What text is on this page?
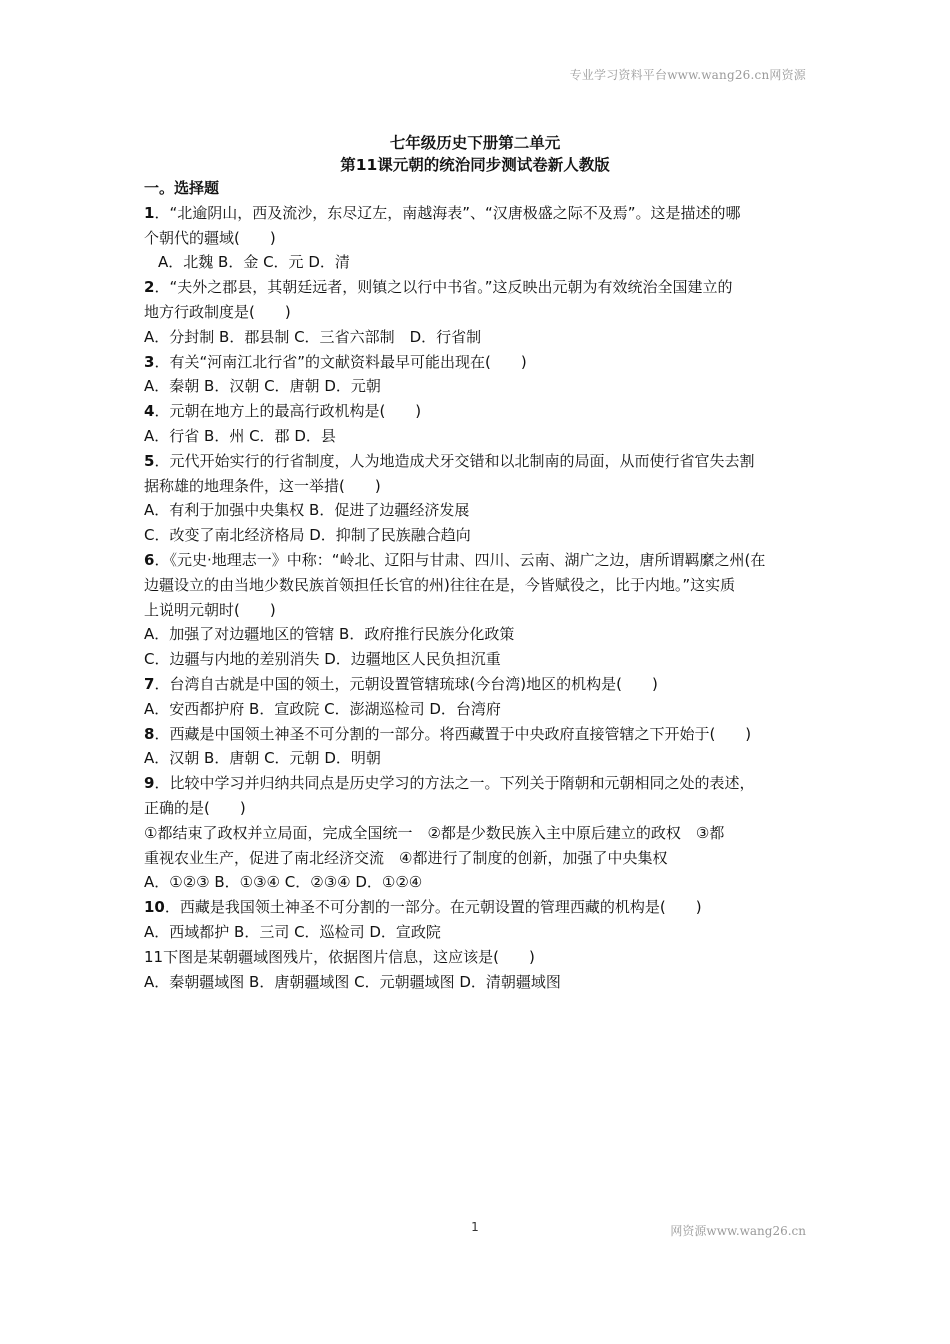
专业学习资料平台www.wang26.cn网资源
七年级历史下册第二单元
第11课元朝的统治同步测试卷新人教版

一。选择题

1．“北逾阴山，西及流沙，东尽辽左，南越海表”、“汉唐极盛之际不及焉”。这是描述的哪

个朝代的疆域(　　)

A．北魏 B．金 C．元 D．清

2．“夫外之郡县，其朝廷远者，则镇之以行中书省。”这反映出元朝为有效统治全国建立的

地方行政制度是(　　)

A．分封制 B．郡县制 C．三省六部制　D．行省制

3．有关“河南江北行省”的文献资料最早可能出现在(　　)

A．秦朝 B．汉朝 C．唐朝 D．元朝

4．元朝在地方上的最高行政机构是(　　)

A．行省 B．州 C．郡 D．县

5．元代开始实行的行省制度，人为地造成犬牙交错和以北制南的局面，从而使行省官失去割

据称雄的地理条件，这一举措(　　)

A．有利于加强中央集权 B．促进了边疆经济发展

C．改变了南北经济格局 D．抑制了民族融合趋向

6．《元史·地理志一》中称：“岭北、辽阳与甘肃、四川、云南、湖广之边，唐所谓羁縻之州(在

边疆设立的由当地少数民族首领担任长官的州)往往在是，今皆赋役之，比于内地。”这实质

上说明元朝时(　　)

A．加强了对边疆地区的管辖 B．政府推行民族分化政策

C．边疆与内地的差别消失 D．边疆地区人民负担沉重

7．台湾自古就是中国的领土，元朝设置管辖琉球(今台湾)地区的机构是(　　)

A．安西都护府 B．宣政院 C．澎湖巡检司 D．台湾府

8．西藏是中国领土神圣不可分割的一部分。将西藏置于中央政府直接管辖之下开始于(　　)

A．汉朝 B．唐朝 C．元朝 D．明朝

9．比较中学习并归纳共同点是历史学习的方法之一。下列关于隋朝和元朝相同之处的表述，

正确的是(　　)

①都结束了政权并立局面，完成全国统一　②都是少数民族入主中原后建立的政权　③都

重视农业生产，促进了南北经济交流　④都进行了制度的创新，加强了中央集权

A．①②③ B．①③④ C．②③④ D．①②④

10．西藏是我国领土神圣不可分割的一部分。在元朝设置的管理西藏的机构是(　　)

A．西域都护 B．三司 C．巡检司 D．宣政院

11下图是某朝疆域图残片，依据图片信息，这应该是(　　)

A．秦朝疆域图 B．唐朝疆域图 C．元朝疆域图 D．清朝疆域图

1	网资源www.wang26.cn
